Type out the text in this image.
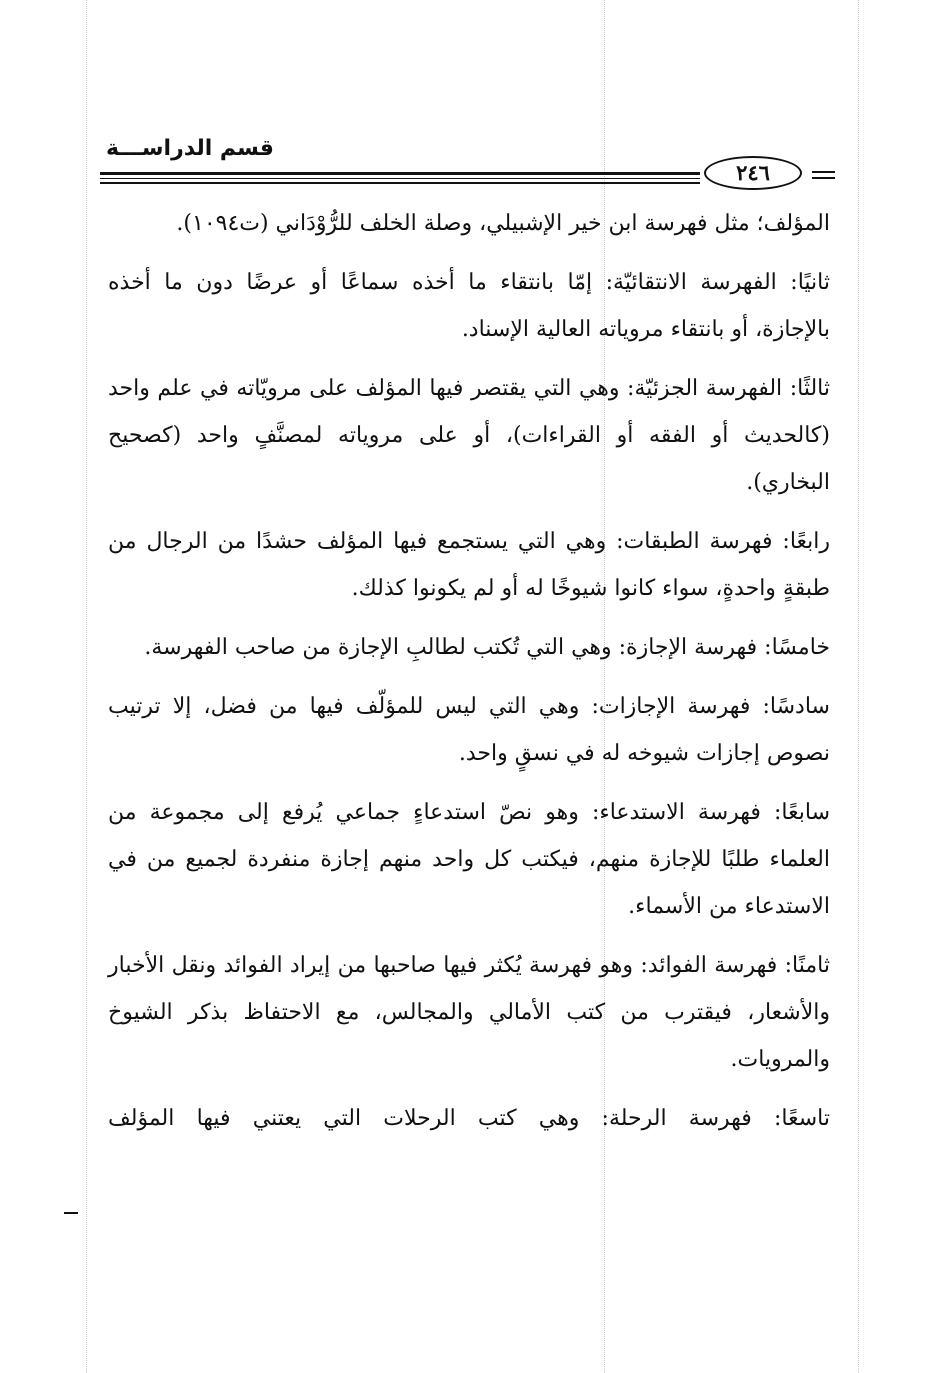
قسم الدراســـة
٢٤٦

المؤلف؛ مثل فهرسة ابن خير الإشبيلي، وصلة الخلف للرُّوْدَاني (ت١٠٩٤).

ثانيًا: الفهرسة الانتقائيّة: إمّا بانتقاء ما أخذه سماعًا أو عرضًا دون ما أخذه بالإجازة، أو بانتقاء مروياته العالية الإسناد.

ثالثًا: الفهرسة الجزئيّة: وهي التي يقتصر فيها المؤلف على مرويّاته في علم واحد (كالحديث أو الفقه أو القراءات)، أو على مروياته لمصنَّفٍ واحد (كصحيح البخاري).

رابعًا: فهرسة الطبقات: وهي التي يستجمع فيها المؤلف حشدًا من الرجال من طبقةٍ واحدةٍ، سواء كانوا شيوخًا له أو لم يكونوا كذلك.

خامسًا: فهرسة الإجازة: وهي التي تُكتب لطالبِ الإجازة من صاحب الفهرسة.

سادسًا: فهرسة الإجازات: وهي التي ليس للمؤلّف فيها من فضل، إلا ترتيب نصوص إجازات شيوخه له في نسقٍ واحد.

سابعًا: فهرسة الاستدعاء: وهو نصّ استدعاءٍ جماعي يُرفع إلى مجموعة من العلماء طلبًا للإجازة منهم، فيكتب كل واحد منهم إجازة منفردة لجميع من في الاستدعاء من الأسماء.

ثامنًا: فهرسة الفوائد: وهو فهرسة يُكثر فيها صاحبها من إيراد الفوائد ونقل الأخبار والأشعار، فيقترب من كتب الأمالي والمجالس، مع الاحتفاظ بذكر الشيوخ والمرويات.

تاسعًا: فهرسة الرحلة: وهي كتب الرحلات التي يعتني فيها المؤلف
